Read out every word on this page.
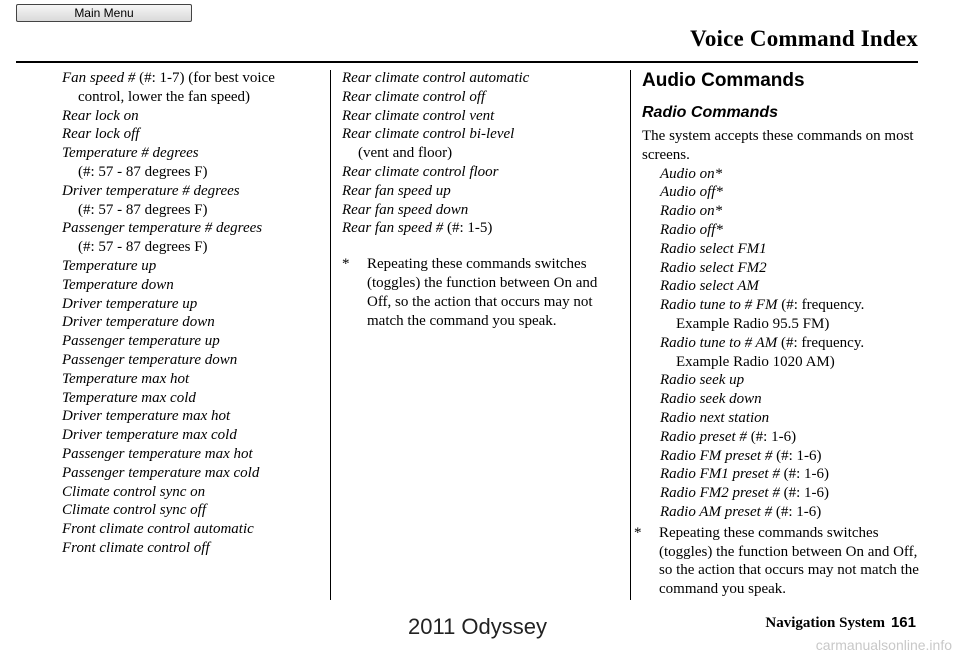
Main Menu
Voice Command Index

Fan speed # (#: 1-7) (for best voice

control, lower the fan speed)

Rear lock on

Rear lock off

Temperature # degrees

(#: 57 - 87 degrees F)

Driver temperature # degrees

(#: 57 - 87 degrees F)

Passenger temperature # degrees

(#: 57 - 87 degrees F)

Temperature up

Temperature down

Driver temperature up

Driver temperature down

Passenger temperature up

Passenger temperature down

Temperature max hot

Temperature max cold

Driver temperature max hot

Driver temperature max cold

Passenger temperature max hot

Passenger temperature max cold

Climate control sync on

Climate control sync off

Front climate control automatic

Front climate control off

Rear climate control automatic

Rear climate control off

Rear climate control vent

Rear climate control bi-level

(vent and floor)

Rear climate control floor

Rear fan speed up

Rear fan speed down

Rear fan speed # (#: 1-5)

*	Repeating these commands switches (toggles) the function between On and Off, so the action that occurs may not match the command you speak.
Audio Commands
Radio Commands

The system accepts these commands on most screens.

Audio on*

Audio off*

Radio on*

Radio off*

Radio select FM1

Radio select FM2

Radio select AM

Radio tune to # FM (#: frequency.

Example Radio 95.5 FM)

Radio tune to # AM (#: frequency.

Example Radio 1020 AM)

Radio seek up

Radio seek down

Radio next station

Radio preset # (#: 1-6)

Radio FM preset # (#: 1-6)

Radio FM1 preset # (#: 1-6)

Radio FM2 preset # (#: 1-6)

Radio AM preset # (#: 1-6)

*	Repeating these commands switches (toggles) the function between On and Off, so the action that occurs may not match the command you speak.
Navigation System 161
2011 Odyssey
carmanualsonline.info
